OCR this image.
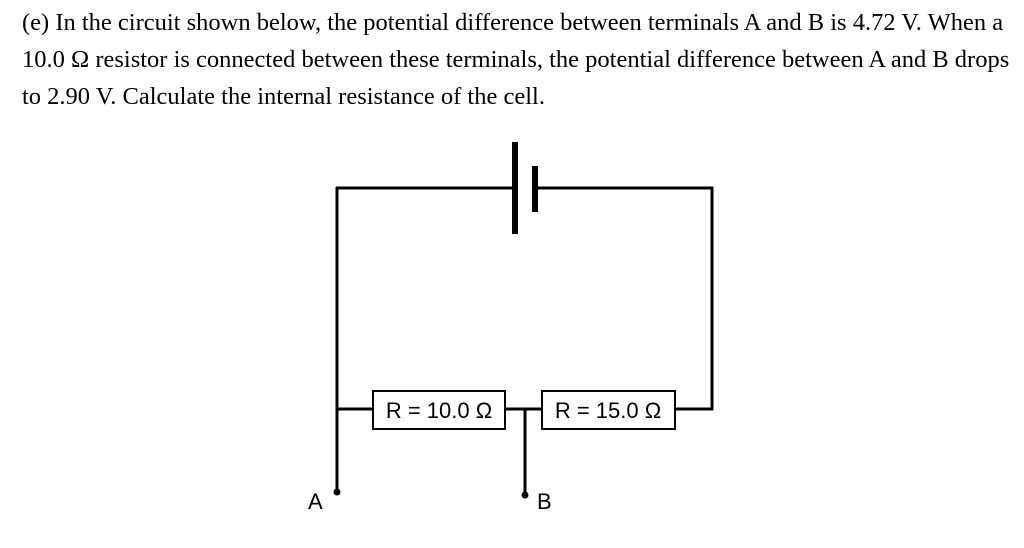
(e) In the circuit shown below, the potential difference between terminals A and B is 4.72 V. When a 10.0 Ω resistor is connected between these terminals, the potential difference between A and B drops to 2.90 V. Calculate the internal resistance of the cell.

R = 10.0 Ω	R = 15.0 Ω
A	B
